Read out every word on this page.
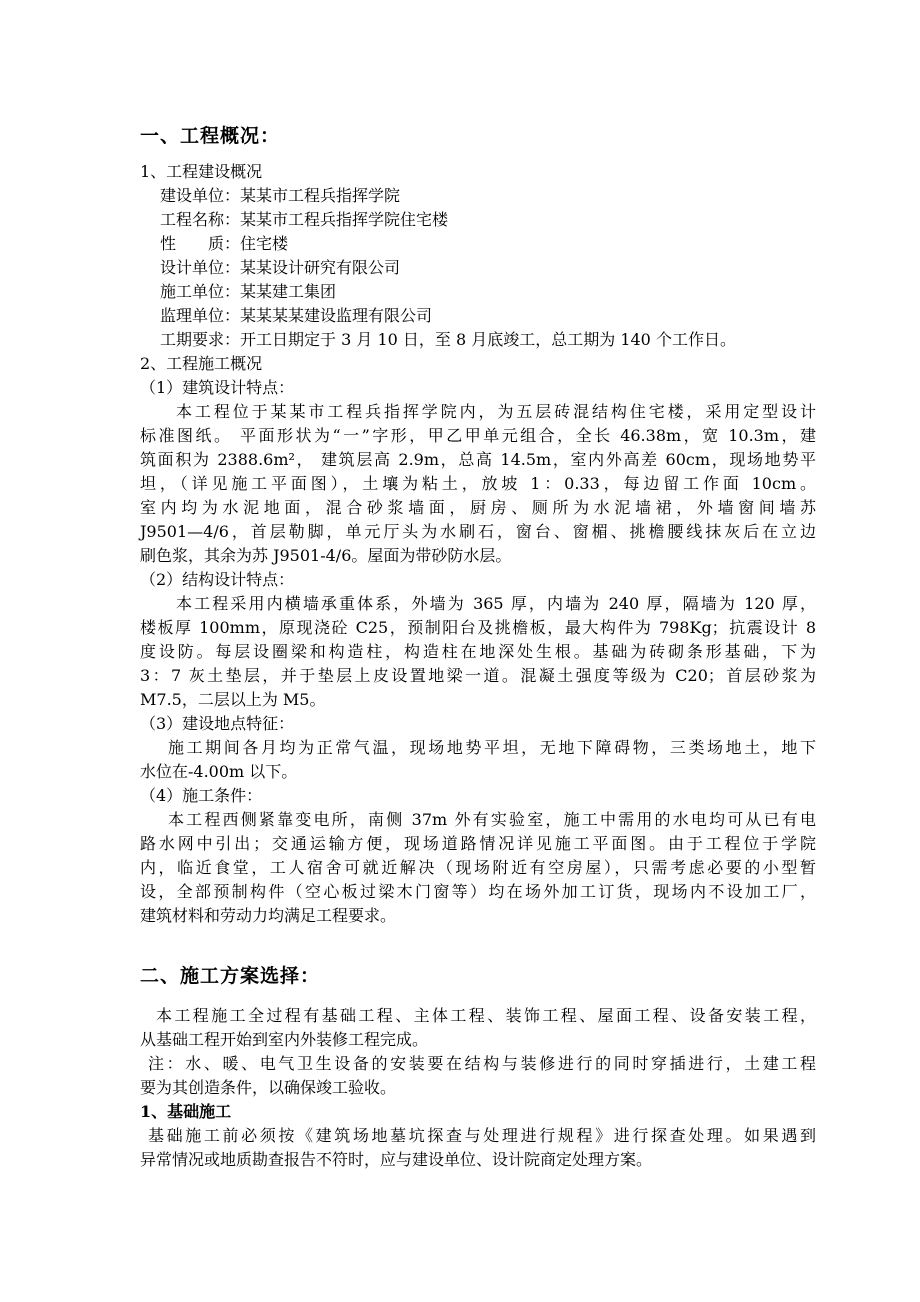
一、工程概况：
1、工程建设概况
建设单位：某某市工程兵指挥学院
工程名称：某某市工程兵指挥学院住宅楼
性　　质：住宅楼
设计单位：某某设计研究有限公司
施工单位：某某建工集团
监理单位：某某某某建设监理有限公司
工期要求：开工日期定于 3 月 10 日，至 8 月底竣工，总工期为 140 个工作日。
2、工程施工概况
（1）建筑设计特点：
本工程位于某某市工程兵指挥学院内，为五层砖混结构住宅楼，采用定型设计
标准图纸。 平面形状为“一”字形，甲乙甲单元组合，全长 46.38m，宽 10.3m，建
筑面积为 2388.6m²， 建筑层高 2.9m，总高 14.5m，室内外高差 60cm，现场地势平
坦，（详见施工平面图），土壤为粘土，放坡 1：0.33，每边留工作面 10cm。
室内均为水泥地面，混合砂浆墙面，厨房、厕所为水泥墙裙，外墙窗间墙苏
J9501—4/6，首层勒脚，单元厅头为水刷石，窗台、窗楣、挑檐腰线抹灰后在立边
刷色浆，其余为苏 J9501-4/6。屋面为带砂防水层。
（2）结构设计特点：
本工程采用内横墙承重体系，外墙为 365 厚，内墙为 240 厚，隔墙为 120 厚，
楼板厚 100mm，原现浇砼 C25，预制阳台及挑檐板，最大构件为 798Kg；抗震设计 8
度设防。每层设圈梁和构造柱，构造柱在地深处生根。基础为砖砌条形基础，下为
3：7 灰土垫层，并于垫层上皮设置地梁一道。混凝土强度等级为 C20；首层砂浆为
M7.5，二层以上为 M5。
（3）建设地点特征：
施工期间各月均为正常气温，现场地势平坦，无地下障碍物，三类场地土，地下
水位在-4.00m 以下。
（4）施工条件：
本工程西侧紧靠变电所，南侧 37m 外有实验室，施工中需用的水电均可从已有电
路水网中引出；交通运输方便，现场道路情况详见施工平面图。由于工程位于学院
内，临近食堂，工人宿舍可就近解决（现场附近有空房屋），只需考虑必要的小型暂
设，全部预制构件（空心板过梁木门窗等）均在场外加工订货，现场内不设加工厂，
建筑材料和劳动力均满足工程要求。
二、施工方案选择：
本工程施工全过程有基础工程、主体工程、装饰工程、屋面工程、设备安装工程，
从基础工程开始到室内外装修工程完成。
注：水、暖、电气卫生设备的安装要在结构与装修进行的同时穿插进行，土建工程
要为其创造条件，以确保竣工验收。
1、基础施工
基础施工前必须按《建筑场地墓坑探查与处理进行规程》进行探查处理。如果遇到
异常情况或地质勘查报告不符时，应与建设单位、设计院商定处理方案。
